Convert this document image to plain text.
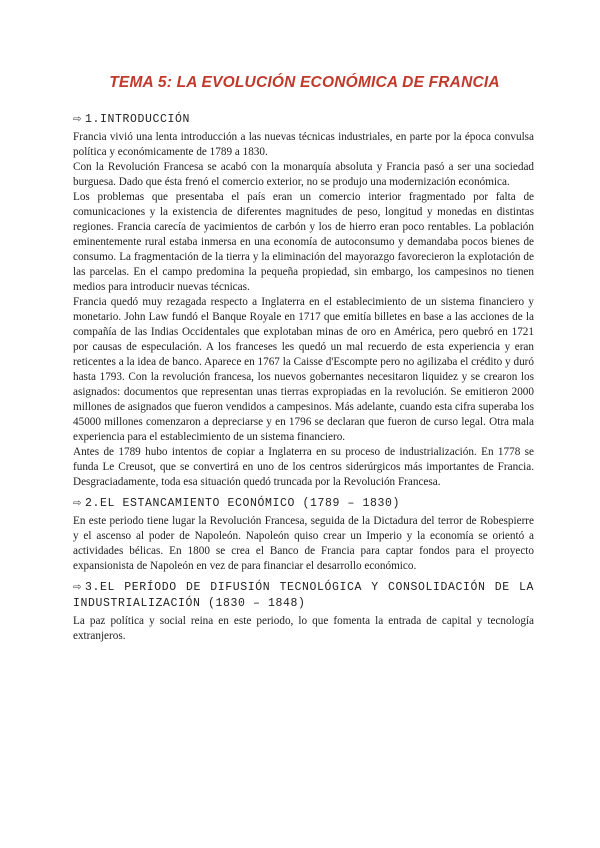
TEMA 5: LA EVOLUCIÓN ECONÓMICA DE FRANCIA
⇨ 1.INTRODUCCIÓN

Francia vivió una lenta introducción a las nuevas técnicas industriales, en parte por la época convulsa política y económicamente de 1789 a 1830.

Con la Revolución Francesa se acabó con la monarquía absoluta y Francia pasó a ser una sociedad burguesa. Dado que ésta frenó el comercio exterior, no se produjo una modernización económica.

Los problemas que presentaba el país eran un comercio interior fragmentado por falta de comunicaciones y la existencia de diferentes magnitudes de peso, longitud y monedas en distintas regiones. Francia carecía de yacimientos de carbón y los de hierro eran poco rentables. La población eminentemente rural estaba inmersa en una economía de autoconsumo y demandaba pocos bienes de consumo. La fragmentación de la tierra y la eliminación del mayorazgo favorecieron la explotación de las parcelas. En el campo predomina la pequeña propiedad, sin embargo, los campesinos no tienen medios para introducir nuevas técnicas.

Francia quedó muy rezagada respecto a Inglaterra en el establecimiento de un sistema financiero y monetario. John Law fundó el Banque Royale en 1717 que emitía billetes en base a las acciones de la compañía de las Indias Occidentales que explotaban minas de oro en América, pero quebró en 1721 por causas de especulación. A los franceses les quedó un mal recuerdo de esta experiencia y eran reticentes a la idea de banco. Aparece en 1767 la Caisse d'Escompte pero no agilizaba el crédito y duró hasta 1793. Con la revolución francesa, los nuevos gobernantes necesitaron liquidez y se crearon los asignados: documentos que representan unas tierras expropiadas en la revolución. Se emitieron 2000 millones de asignados que fueron vendidos a campesinos. Más adelante, cuando esta cifra superaba los 45000 millones comenzaron a depreciarse y en 1796 se declaran que fueron de curso legal. Otra mala experiencia para el establecimiento de un sistema financiero.

Antes de 1789 hubo intentos de copiar a Inglaterra en su proceso de industrialización. En 1778 se funda Le Creusot, que se convertirá en uno de los centros siderúrgicos más importantes de Francia. Desgraciadamente, toda esa situación quedó truncada por la Revolución Francesa.

⇨ 2.EL ESTANCAMIENTO ECONÓMICO (1789 – 1830)

En este periodo tiene lugar la Revolución Francesa, seguida de la Dictadura del terror de Robespierre y el ascenso al poder de Napoleón. Napoleón quiso crear un Imperio y la economía se orientó a actividades bélicas. En 1800 se crea el Banco de Francia para captar fondos para el proyecto expansionista de Napoleón en vez de para financiar el desarrollo económico.

⇨ 3.EL PERÍODO DE DIFUSIÓN TECNOLÓGICA Y CONSOLIDACIÓN DE LA INDUSTRIALIZACIÓN (1830 – 1848)

La paz política y social reina en este periodo, lo que fomenta la entrada de capital y tecnología extranjeros.
